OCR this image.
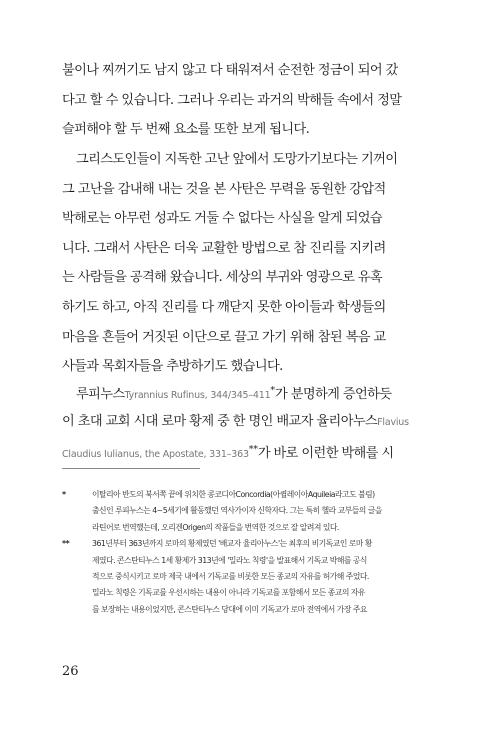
불이나 찌꺼기도 남지 않고 다 태워져서 순전한 정금이 되어 갔
다고 할 수 있습니다. 그러나 우리는 과거의 박해들 속에서 정말
슬퍼해야 할 두 번째 요소를 또한 보게 됩니다.
그리스도인들이 지독한 고난 앞에서 도망가기보다는 기꺼이
그 고난을 감내해 내는 것을 본 사탄은 무력을 동원한 강압적
박해로는 아무런 성과도 거둘 수 없다는 사실을 알게 되었습
니다. 그래서 사탄은 더욱 교활한 방법으로 참 진리를 지키려
는 사람들을 공격해 왔습니다. 세상의 부귀와 영광으로 유혹
하기도 하고, 아직 진리를 다 깨닫지 못한 아이들과 학생들의
마음을 흔들어 거짓된 이단으로 끌고 가기 위해 참된 복음 교
사들과 목회자들을 추방하기도 했습니다.
루피누스Tyrannius Rufinus, 344/345–411*가 분명하게 증언하듯
이 초대 교회 시대 로마 황제 중 한 명인 배교자 율리아누스Flavius
Claudius Iulianus, the Apostate, 331–363**가 바로 이런한 박해를 시
*	이탈리아 반도의 북서쪽 끝에 위치한 콩코디아Concordia(아퀼레이아Aquileia라고도 불림)
출신인 루피누스는 4~5세기에 활동했던 역사가이자 신학자다. 그는 특히 헬라 교부들의 글을
라틴어로 번역했는데, 오리겐Origen의 작품들을 번역한 것으로 잘 알려져 있다.
**	361년부터 363년까지 로마의 황제였던 '배교자 율리아누스'는 최후의 비기독교인 로마 황
제였다. 콘스탄티누스 1세 황제가 313년에 '밀라노 칙령'을 발표해서 기독교 박해를 공식
적으로 중식시키고 로마 제국 내에서 기독교를 비롯한 모든 종교의 자유를 허가해 주었다.
밀라노 칙령은 기독교를 우선시하는 내용이 아니라 기독교를 포함해서 모든 종교의 자유
를 보장하는 내용이었지만, 콘스탄티누스 당대에 이미 기독교가 로마 전역에서 가장 주요
26
